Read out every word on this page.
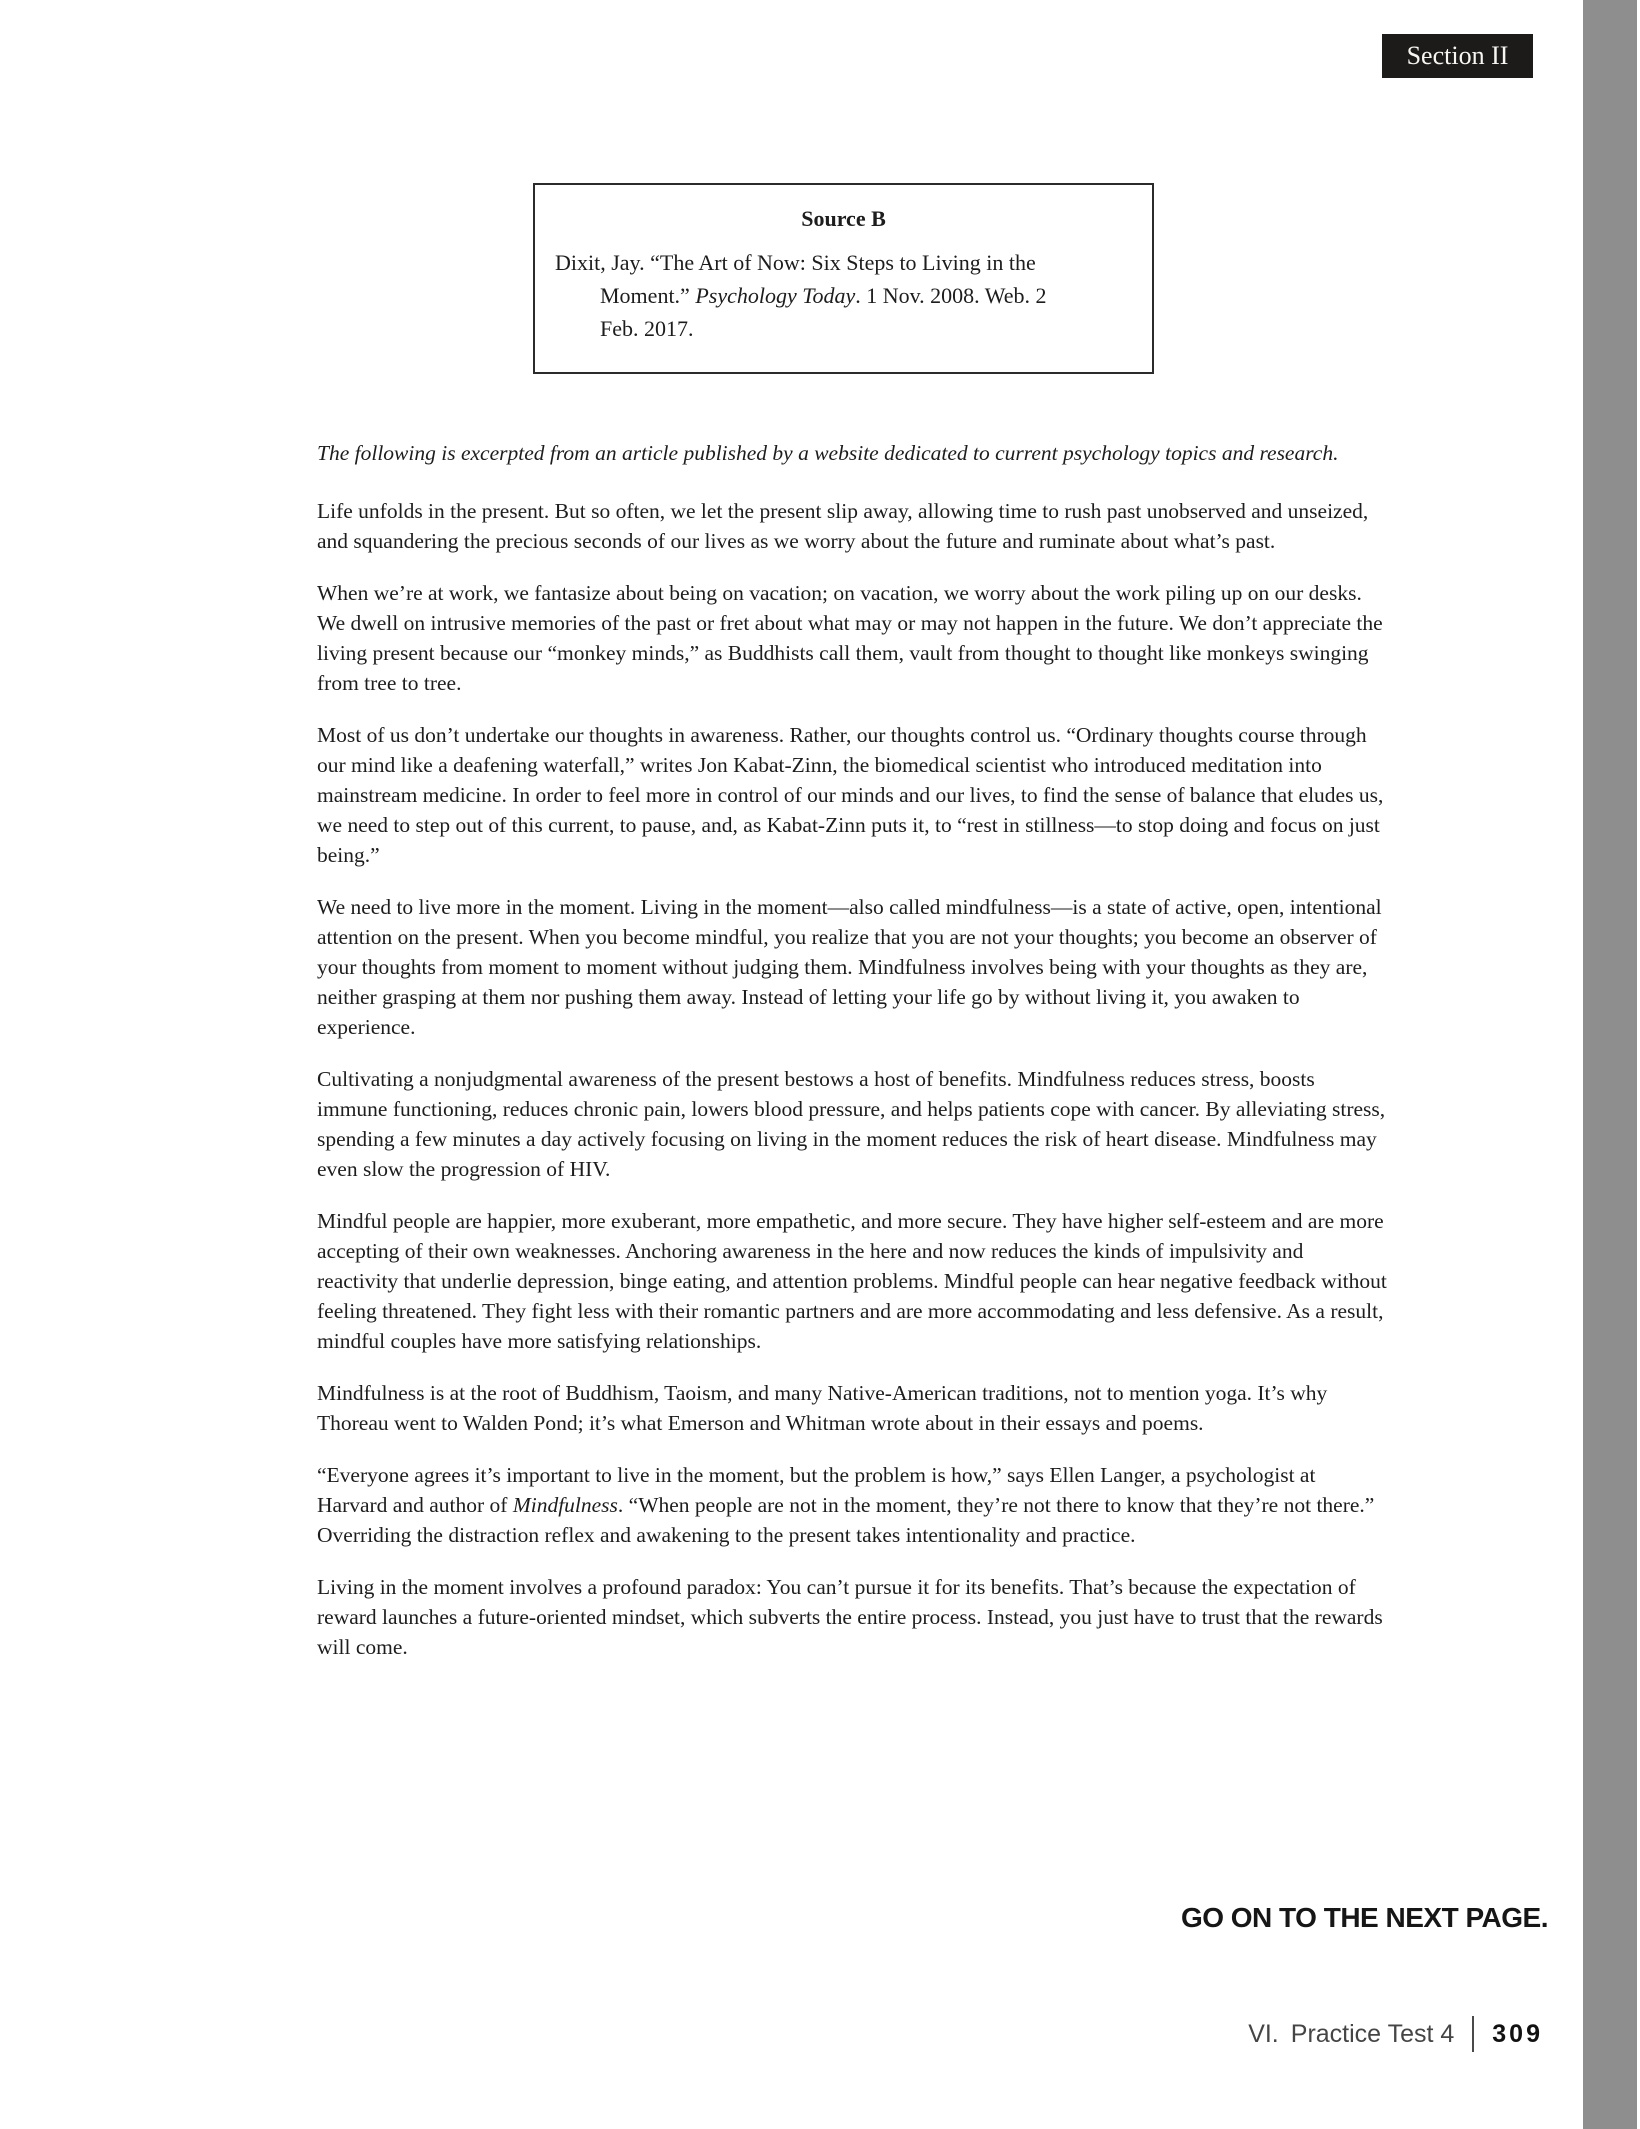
Section II
Source B

Dixit, Jay. “The Art of Now: Six Steps to Living in the Moment.” Psychology Today. 1 Nov. 2008. Web. 2 Feb. 2017.

The following is excerpted from an article published by a website dedicated to current psychology topics and research.

Life unfolds in the present. But so often, we let the present slip away, allowing time to rush past unobserved and unseized, and squandering the precious seconds of our lives as we worry about the future and ruminate about what’s past.

When we’re at work, we fantasize about being on vacation; on vacation, we worry about the work piling up on our desks. We dwell on intrusive memories of the past or fret about what may or may not happen in the future. We don’t appreciate the living present because our “monkey minds,” as Buddhists call them, vault from thought to thought like monkeys swinging from tree to tree.

Most of us don’t undertake our thoughts in awareness. Rather, our thoughts control us. “Ordinary thoughts course through our mind like a deafening waterfall,” writes Jon Kabat-Zinn, the biomedical scientist who introduced meditation into mainstream medicine. In order to feel more in control of our minds and our lives, to find the sense of balance that eludes us, we need to step out of this current, to pause, and, as Kabat-Zinn puts it, to “rest in stillness—to stop doing and focus on just being.”

We need to live more in the moment. Living in the moment—also called mindfulness—is a state of active, open, intentional attention on the present. When you become mindful, you realize that you are not your thoughts; you become an observer of your thoughts from moment to moment without judging them. Mindfulness involves being with your thoughts as they are, neither grasping at them nor pushing them away. Instead of letting your life go by without living it, you awaken to experience.

Cultivating a nonjudgmental awareness of the present bestows a host of benefits. Mindfulness reduces stress, boosts immune functioning, reduces chronic pain, lowers blood pressure, and helps patients cope with cancer. By alleviating stress, spending a few minutes a day actively focusing on living in the moment reduces the risk of heart disease. Mindfulness may even slow the progression of HIV.

Mindful people are happier, more exuberant, more empathetic, and more secure. They have higher self-esteem and are more accepting of their own weaknesses. Anchoring awareness in the here and now reduces the kinds of impulsivity and reactivity that underlie depression, binge eating, and attention problems. Mindful people can hear negative feedback without feeling threatened. They fight less with their romantic partners and are more accommodating and less defensive. As a result, mindful couples have more satisfying relationships.

Mindfulness is at the root of Buddhism, Taoism, and many Native-American traditions, not to mention yoga. It’s why Thoreau went to Walden Pond; it’s what Emerson and Whitman wrote about in their essays and poems.

“Everyone agrees it’s important to live in the moment, but the problem is how,” says Ellen Langer, a psychologist at Harvard and author of Mindfulness. “When people are not in the moment, they’re not there to know that they’re not there.” Overriding the distraction reflex and awakening to the present takes intentionality and practice.

Living in the moment involves a profound paradox: You can’t pursue it for its benefits. That’s because the expectation of reward launches a future-oriented mindset, which subverts the entire process. Instead, you just have to trust that the rewards will come.

GO ON TO THE NEXT PAGE.
VI. Practice Test 4 309
